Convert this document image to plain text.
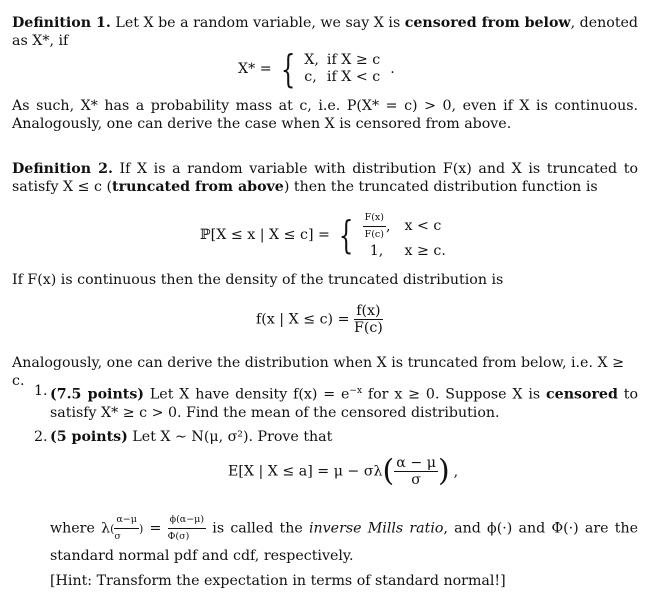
Definition 1. Let X be a random variable, we say X is censored from below, denoted as X*, if
X* = { X,	if X ≥ c
c,	if X < c .
As such, X* has a probability mass at c, i.e. P(X* = c) > 0, even if X is continuous. Analogously, one can derive the case when X is censored from above.
Definition 2. If X is a random variable with distribution F(x) and X is truncated to satisfy X ≤ c (truncated from above) then the truncated distribution function is
ℙ[X ≤ x | X ≤ c] = { $\frac{F(x)}{F(c)}$ ,	x < c
1,	x ≥ c.
If F(x) is continuous then the density of the truncated distribution is
f(x | $X \le c) = \frac{f(x)}{F(c)}$
Analogously, one can derive the distribution when X is truncated from below, i.e. X ≥ c.
1. (7.5 points) Let X have density $f(x) = e^{-x}$ for x ≥ 0. Suppose X is censored to satisfy X* ≥ c > 0. Find the mean of the censored distribution.
2. (5 points) Let X ∼ N(μ, σ²). Prove that
E[X | $X \le a] = \mu - \sigma\lambda( \frac{\alpha - \mu}{\sigma}$ ) ,
where $\lambda( \frac{\alpha-\mu}{\sigma}$ ) = $\frac{\phi(\alpha-\mu)}{\Phi(\sigma)}$ is called the inverse Mills ratio, and ϕ(·) and Φ(·) are the standard normal pdf and cdf, respectively.
[Hint: Transform the expectation in terms of standard normal!]
